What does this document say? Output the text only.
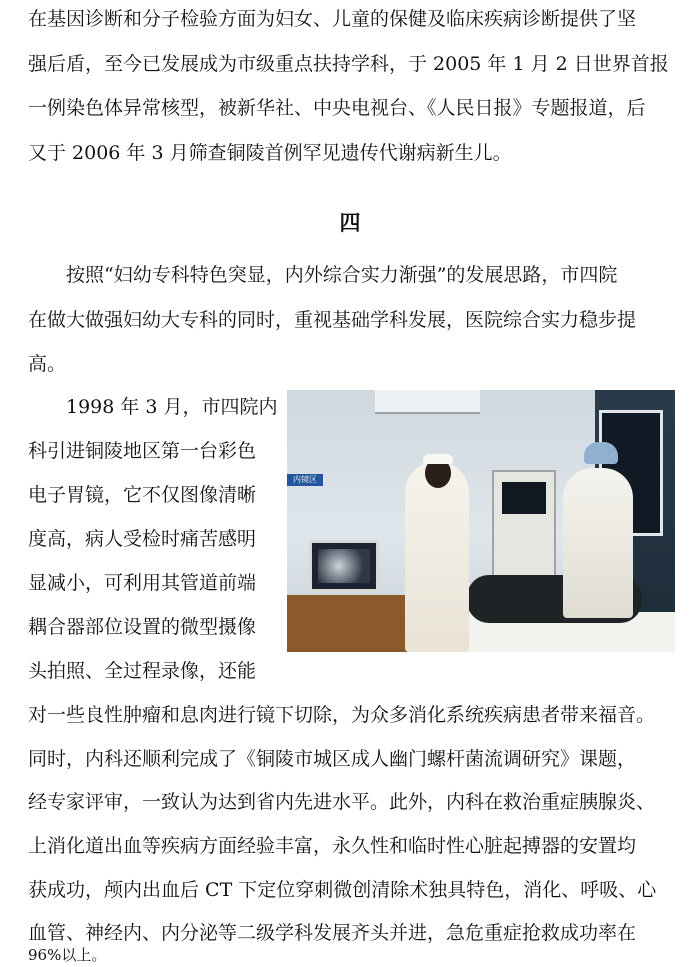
在基因诊断和分子检验方面为妇女、儿童的保健及临床疾病诊断提供了坚
强后盾，至今已发展成为市级重点扶持学科，于 2005 年 1 月 2 日世界首报
一例染色体异常核型，被新华社、中央电视台、《人民日报》专题报道，后
又于 2006 年 3 月筛查铜陵首例罕见遗传代谢病新生儿。
四
按照“妇幼专科特色突显，内外综合实力渐强”的发展思路，市四院
在做大做强妇幼大专科的同时，重视基础学科发展，医院综合实力稳步提
高。
1998 年 3 月，市四院内
科引进铜陵地区第一台彩色
电子胃镜，它不仅图像清晰
度高，病人受检时痛苦感明
显减小，可利用其管道前端
耦合器部位设置的微型摄像
头拍照、全过程录像，还能
内镜区
对一些良性肿瘤和息肉进行镜下切除，为众多消化系统疾病患者带来福音。
同时，内科还顺利完成了《铜陵市城区成人幽门螺杆菌流调研究》课题，
经专家评审，一致认为达到省内先进水平。此外，内科在救治重症胰腺炎、
上消化道出血等疾病方面经验丰富，永久性和临时性心脏起搏器的安置均
获成功，颅内出血后 CT 下定位穿刺微创清除术独具特色，消化、呼吸、心
血管、神经内、内分泌等二级学科发展齐头并进，急危重症抢救成功率在
96%以上。
